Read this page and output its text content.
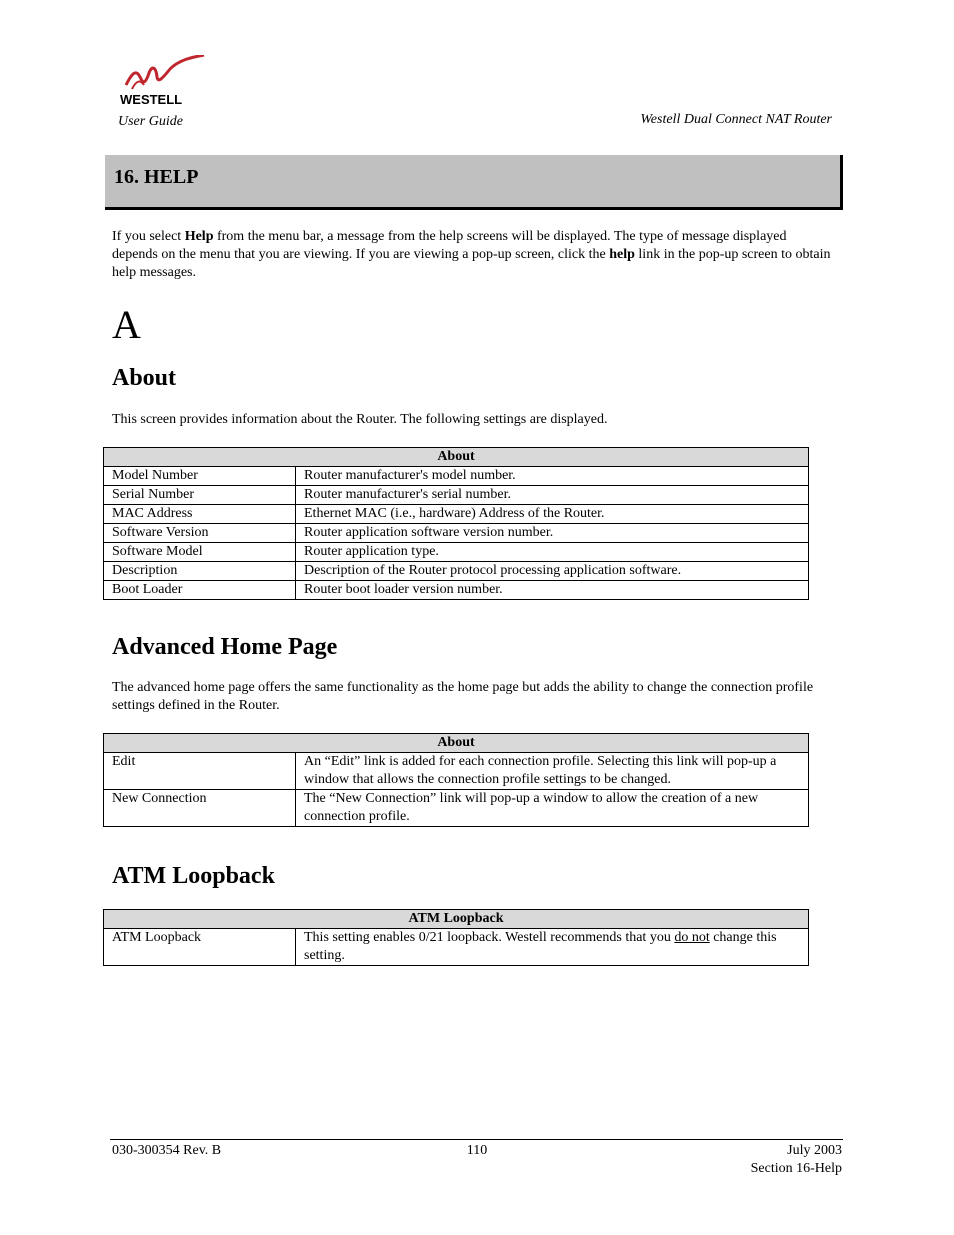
WESTELL
User Guide	Westell Dual Connect NAT Router
16. HELP
If you select Help from the menu bar, a message from the help screens will be displayed. The type of message displayed depends on the menu that you are viewing. If you are viewing a pop-up screen, click the help link in the pop-up screen to obtain help messages.
A
About
This screen provides information about the Router. The following settings are displayed.
About	
Model Number	Router manufacturer's model number.
Serial Number	Router manufacturer's serial number.
MAC Address	Ethernet MAC (i.e., hardware) Address of the Router.
Software Version	Router application software version number.
Software Model	Router application type.
Description	Description of the Router protocol processing application software.
Boot Loader	Router boot loader version number.
Advanced Home Page
The advanced home page offers the same functionality as the home page but adds the ability to change the connection profile settings defined in the Router.
About	
Edit	An “Edit” link is added for each connection profile. Selecting this link will pop-up a window that allows the connection profile settings to be changed.
New Connection	The “New Connection” link will pop-up a window to allow the creation of a new connection profile.
ATM Loopback
ATM Loopback
ATM Loopback	This setting enables 0/21 loopback. Westell recommends that you do not change this setting.
030-300354 Rev. B	110	July 2003
Section 16-Help
